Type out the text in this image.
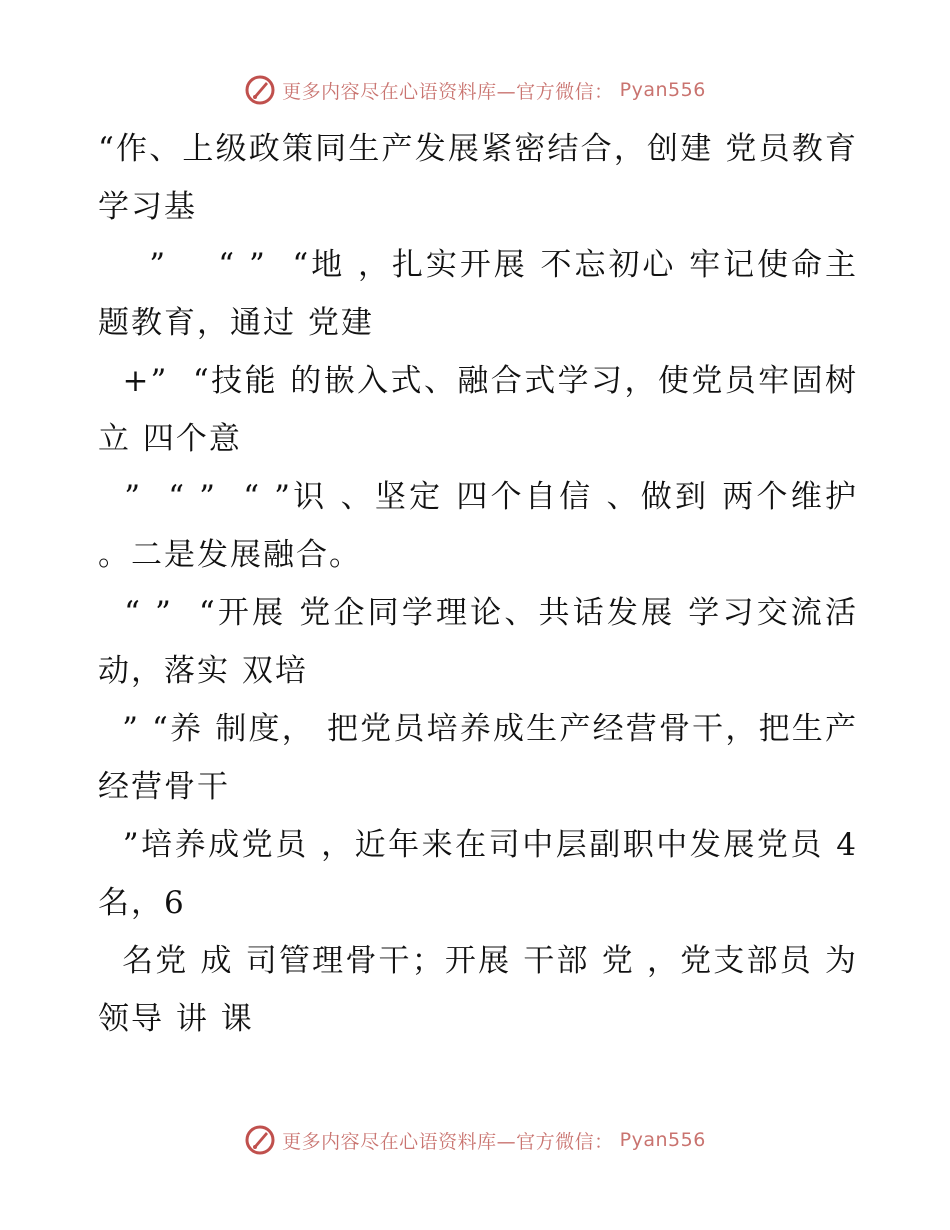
更多内容尽在心语资料库—官方微信： Pyan556

“作、上级政策同生产发展紧密结合，创建 党员教育学习基

”    “ ”  “地 ，扎实开展 不忘初心 牢记使命主题教育，通过 党建

+”  “技能 的嵌入式、融合式学习，使党员牢固树立 四个意

”  “ ”  “ ”识 、坚定 四个自信 、做到 两个维护 。二是发展融合。

“ ”  “开展 党企同学理论、共话发展 学习交流活动，落实 双培

” “养 制度， 把党员培养成生产经营骨干，把生产经营骨干

”培养成党员 ，近年来在司中层副职中发展党员 4名，6

名党 成 司管理骨干；开展 干部 党 ，党支部员 为 领导 讲 课

更多内容尽在心语资料库—官方微信： Pyan556
